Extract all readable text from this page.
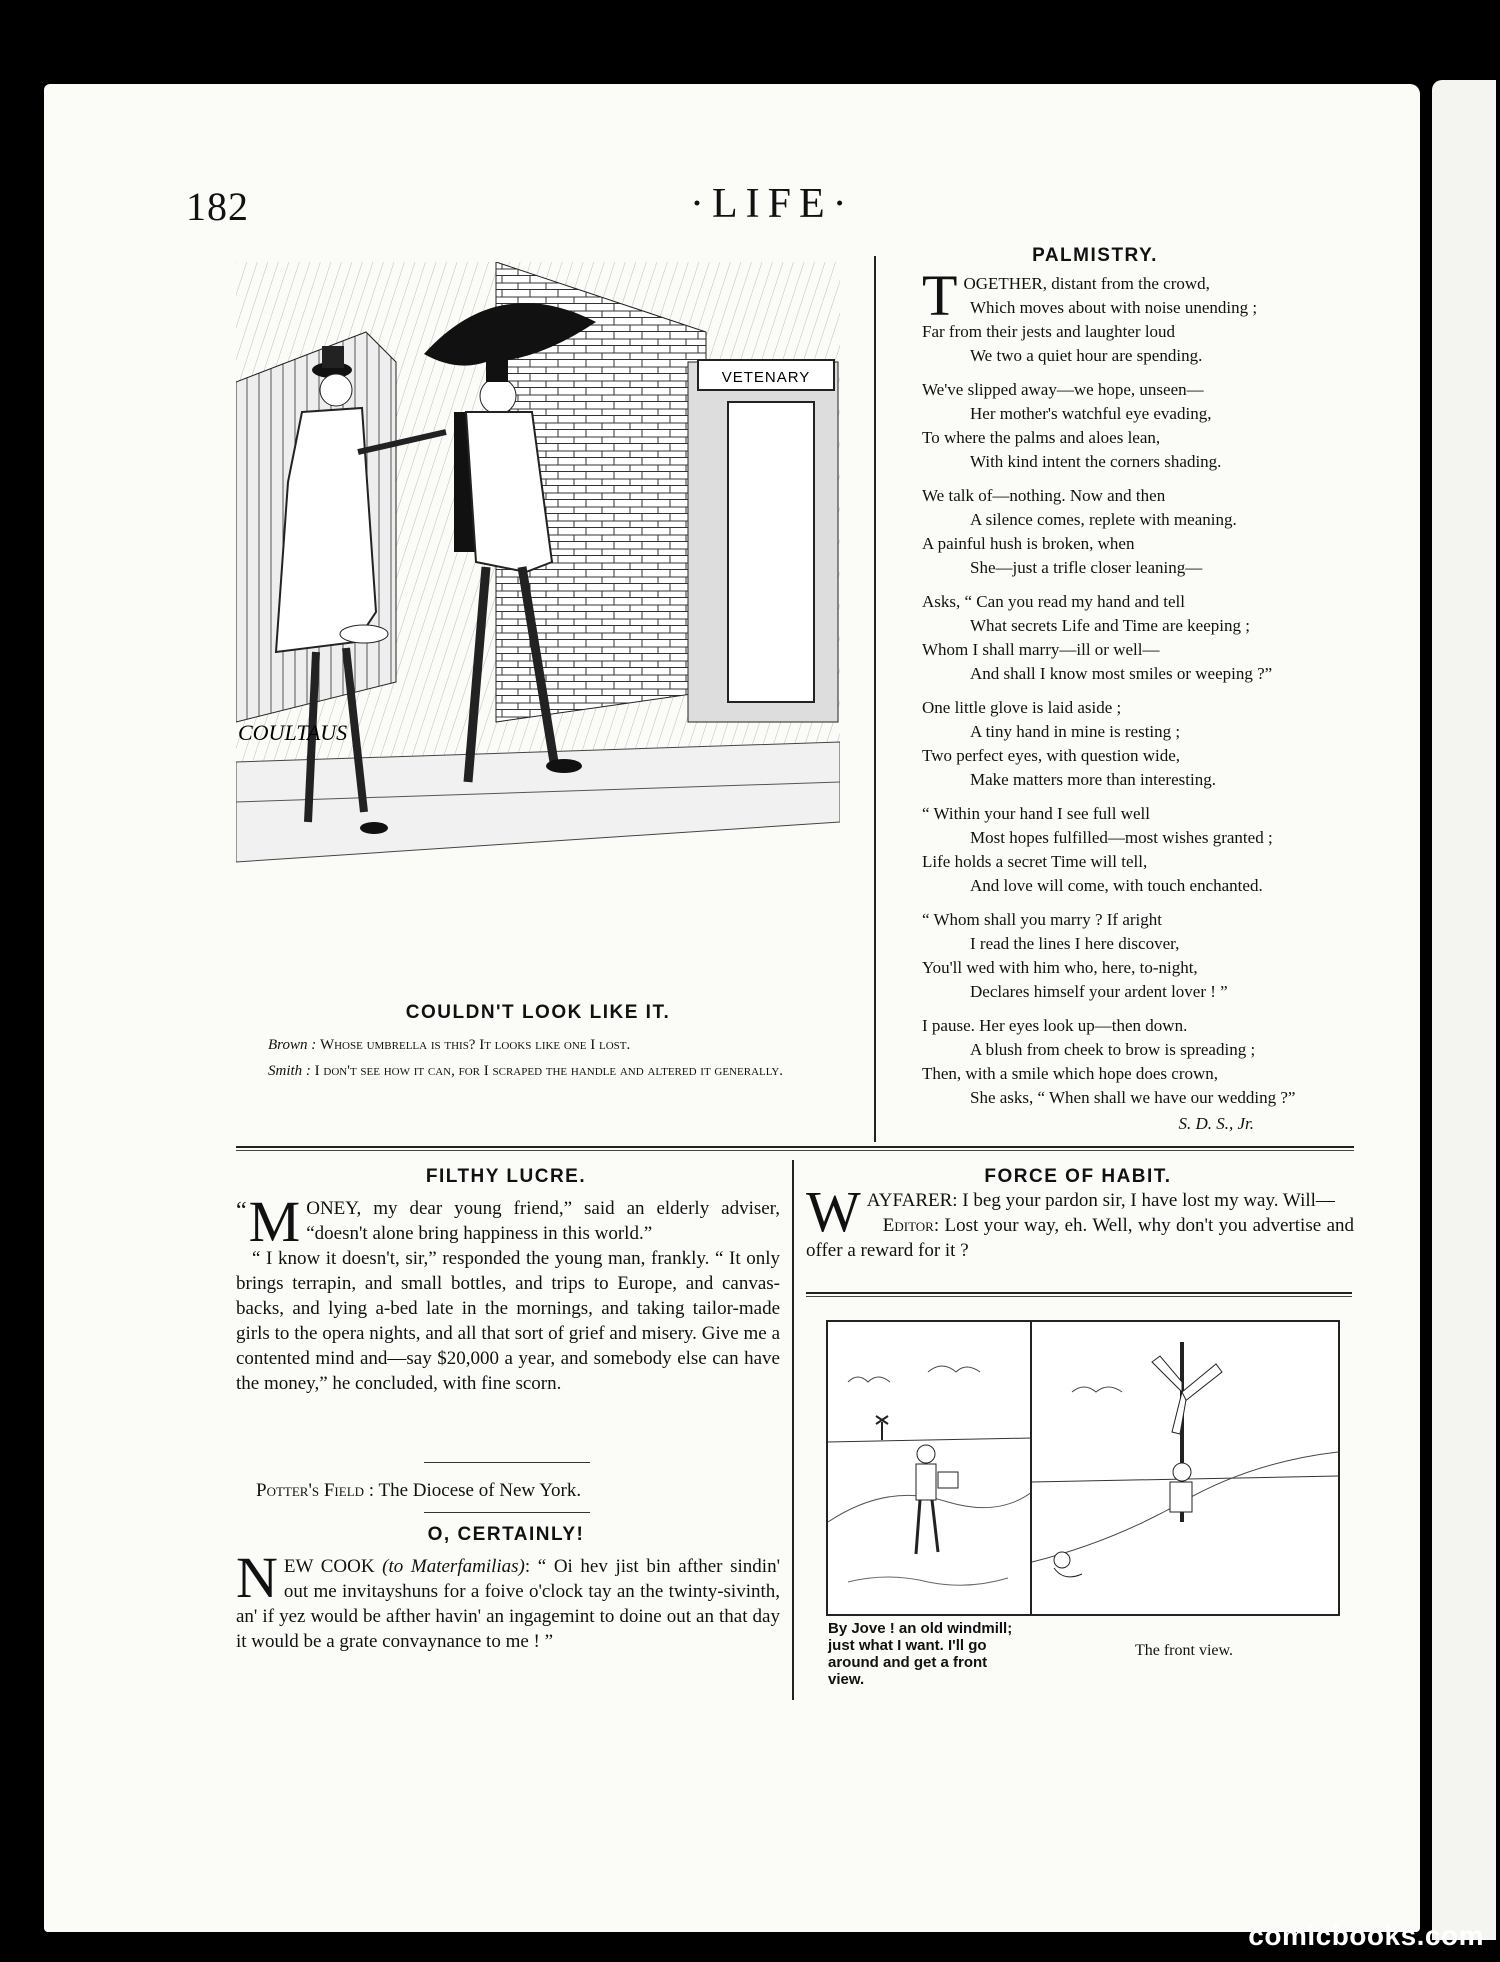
182	·LIFE·
VETENARY
COULTAUS
COULDN'T LOOK LIKE IT.
Brown : Whose umbrella is this? It looks like one I lost.
Smith : I don't see how it can, for I scraped the handle and altered it generally.
PALMISTRY.
T OGETHER, distant from the crowd,

Which moves about with noise unending ;

Far from their jests and laughter loud

We two a quiet hour are spending.

We've slipped away—we hope, unseen—

Her mother's watchful eye evading,

To where the palms and aloes lean,

With kind intent the corners shading.

We talk of—nothing. Now and then

A silence comes, replete with meaning.

A painful hush is broken, when

She—just a trifle closer leaning—

Asks, “ Can you read my hand and tell

What secrets Life and Time are keeping ;

Whom I shall marry—ill or well—

And shall I know most smiles or weeping ?”

One little glove is laid aside ;

A tiny hand in mine is resting ;

Two perfect eyes, with question wide,

Make matters more than interesting.

“ Within your hand I see full well

Most hopes fulfilled—most wishes granted ;

Life holds a secret Time will tell,

And love will come, with touch enchanted.

“ Whom shall you marry ? If aright

I read the lines I here discover,

You'll wed with him who, here, to-night,

Declares himself your ardent lover ! ”

I pause. Her eyes look up—then down.

A blush from cheek to brow is spreading ;

Then, with a smile which hope does crown,

She asks, “ When shall we have our wedding ?”

S. D. S., Jr.
FILTHY LUCRE.

“ M ONEY, my dear young friend,” said an elderly adviser, “doesn't alone bring happiness in this world.”

“ I know it doesn't, sir,” responded the young man, frankly. “ It only brings terrapin, and small bottles, and trips to Europe, and canvas-backs, and lying a-bed late in the mornings, and taking tailor-made girls to the opera nights, and all that sort of grief and misery. Give me a contented mind and—say $20,000 a year, and somebody else can have the money,” he concluded, with fine scorn.

Potter's Field : The Diocese of New York.
O, CERTAINLY!

NEW COOK (to Materfamilias): “ Oi hev jist bin afther sindin' out me invitayshuns for a foive o'clock tay an the twinty-sivinth, an' if yez would be afther havin' an ingagemint to doine out an that day it would be a grate convaynance to me ! ”

FORCE OF HABIT.

WAYFARER: I beg your pardon sir, I have lost my way. Will—

Editor: Lost your way, eh. Well, why don't you advertise and offer a reward for it ?

By Jove ! an old windmill; just what I want. I'll go around and get a front view.
The front view.
comicbooks.com
